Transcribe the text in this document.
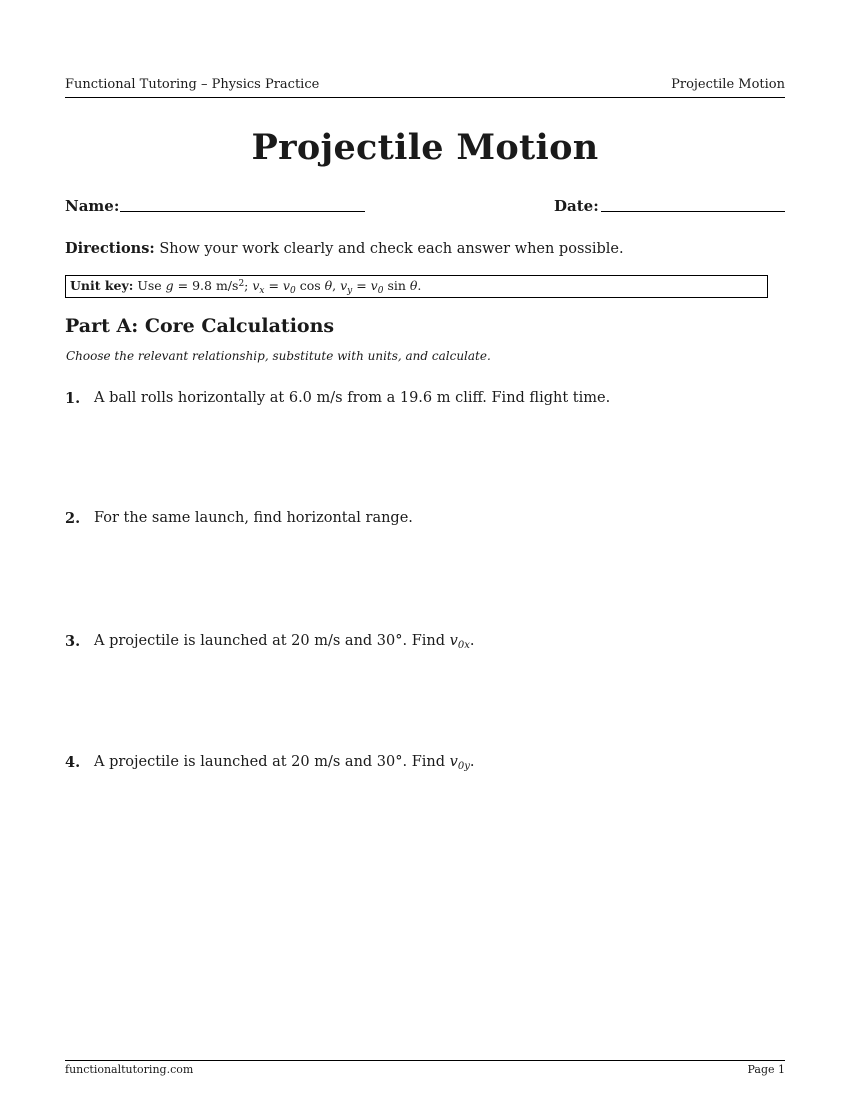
Functional Tutoring – Physics Practice	Projectile Motion
Projectile Motion
Name:	Date:
Directions: Show your work clearly and check each answer when possible.
Unit key: Use g = 9.8 $m/s^2$; $v_x = v_0$ cos θ, $v_y = v_0$ sin θ.
Part A: Core Calculations
Choose the relevant relationship, substitute with units, and calculate.
1. A ball rolls horizontally at 6.0 m/s from a 19.6 m cliff. Find flight time.
2. For the same launch, find horizontal range.
3. A projectile is launched at 20 m/s and 30°. Find $v_{0x}$.
4. A projectile is launched at 20 m/s and 30°. Find $v_{0y}$.
functionaltutoring.com	Page 1
